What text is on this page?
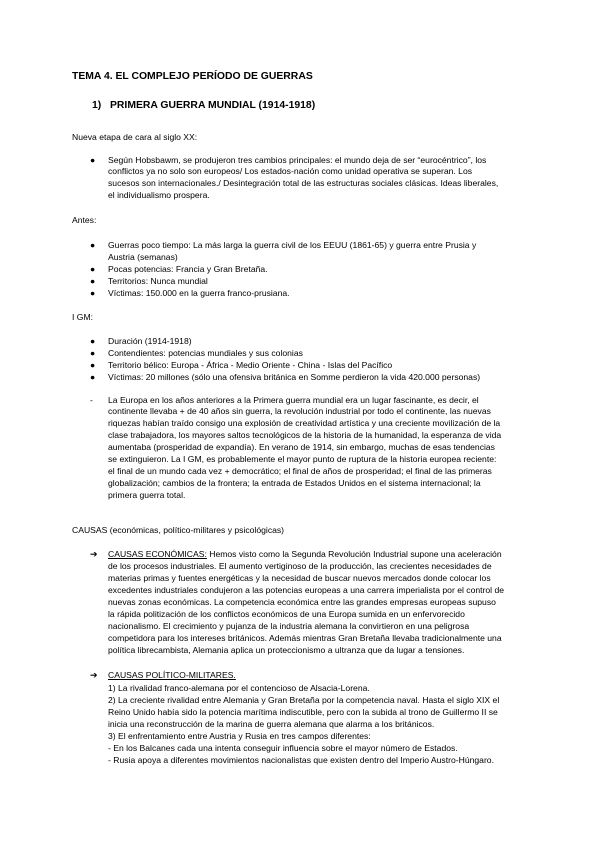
TEMA 4. EL COMPLEJO PERÍODO DE GUERRAS
1) PRIMERA GUERRA MUNDIAL (1914-1918)
Nueva etapa de cara al siglo XX:
● Según Hobsbawm, se produjeron tres cambios principales: el mundo deja de ser “eurocéntrico”, los
conflictos ya no solo son europeos/ Los estados-nación como unidad operativa se superan. Los
sucesos son internacionales./ Desintegración total de las estructuras sociales clásicas. Ideas liberales,
el individualismo prospera.
Antes:
● Guerras poco tiempo: La más larga la guerra civil de los EEUU (1861-65) y guerra entre Prusia y
Austria (semanas)
● Pocas potencias: Francia y Gran Bretaña.
● Territorios: Nunca mundial
● Víctimas: 150.000 en la guerra franco-prusiana.
I GM:
● Duración (1914-1918)
● Contendientes: potencias mundiales y sus colonias
● Territorio bélico: Europa - África - Medio Oriente - China - Islas del Pacífico
● Víctimas: 20 millones (sólo una ofensiva británica en Somme perdieron la vida 420.000 personas)
- La Europa en los años anteriores a la Primera guerra mundial era un lugar fascinante, es decir, el
continente llevaba + de 40 años sin guerra, la revolución industrial por todo el continente, las nuevas
riquezas habían traído consigo una explosión de creatividad artística y una creciente movilización de la
clase trabajadora, los mayores saltos tecnológicos de la historia de la humanidad, la esperanza de vida
aumentaba (prosperidad de expandía). En verano de 1914, sin embargo, muchas de esas tendencias
se extinguieron. La I GM, es probablemente el mayor punto de ruptura de la historia europea reciente:
el final de un mundo cada vez + democrático; el final de años de prosperidad; el final de las primeras
globalización; cambios de la frontera; la entrada de Estados Unidos en el sistema internacional; la
primera guerra total.
CAUSAS (económicas, político-militares y psicológicas)
➔ CAUSAS ECONÓMICAS: Hemos visto como la Segunda Revolución Industrial supone una aceleración
de los procesos industriales. El aumento vertiginoso de la producción, las crecientes necesidades de
materias primas y fuentes energéticas y la necesidad de buscar nuevos mercados donde colocar los
excedentes industriales condujeron a las potencias europeas a una carrera imperialista por el control de
nuevas zonas económicas. La competencia económica entre las grandes empresas europeas supuso
la rápida politización de los conflictos económicos de una Europa sumida en un enfervorecido
nacionalismo. El crecimiento y pujanza de la industria alemana la convirtieron en una peligrosa
competidora para los intereses británicos. Además mientras Gran Bretaña llevaba tradicionalmente una
política librecambista, Alemania aplica un proteccionismo a ultranza que da lugar a tensiones.
➔ CAUSAS POLÍTICO-MILITARES.
1) La rivalidad franco-alemana por el contencioso de Alsacia-Lorena.
2) La creciente rivalidad entre Alemania y Gran Bretaña por la competencia naval. Hasta el siglo XIX el
Reino Unido había sido la potencia marítima indiscutible, pero con la subida al trono de Guillermo II se
inicia una reconstrucción de la marina de guerra alemana que alarma a los británicos.
3) El enfrentamiento entre Austria y Rusia en tres campos diferentes:
- En los Balcanes cada una intenta conseguir influencia sobre el mayor número de Estados.
- Rusia apoya a diferentes movimientos nacionalistas que existen dentro del Imperio Austro-Húngaro.
